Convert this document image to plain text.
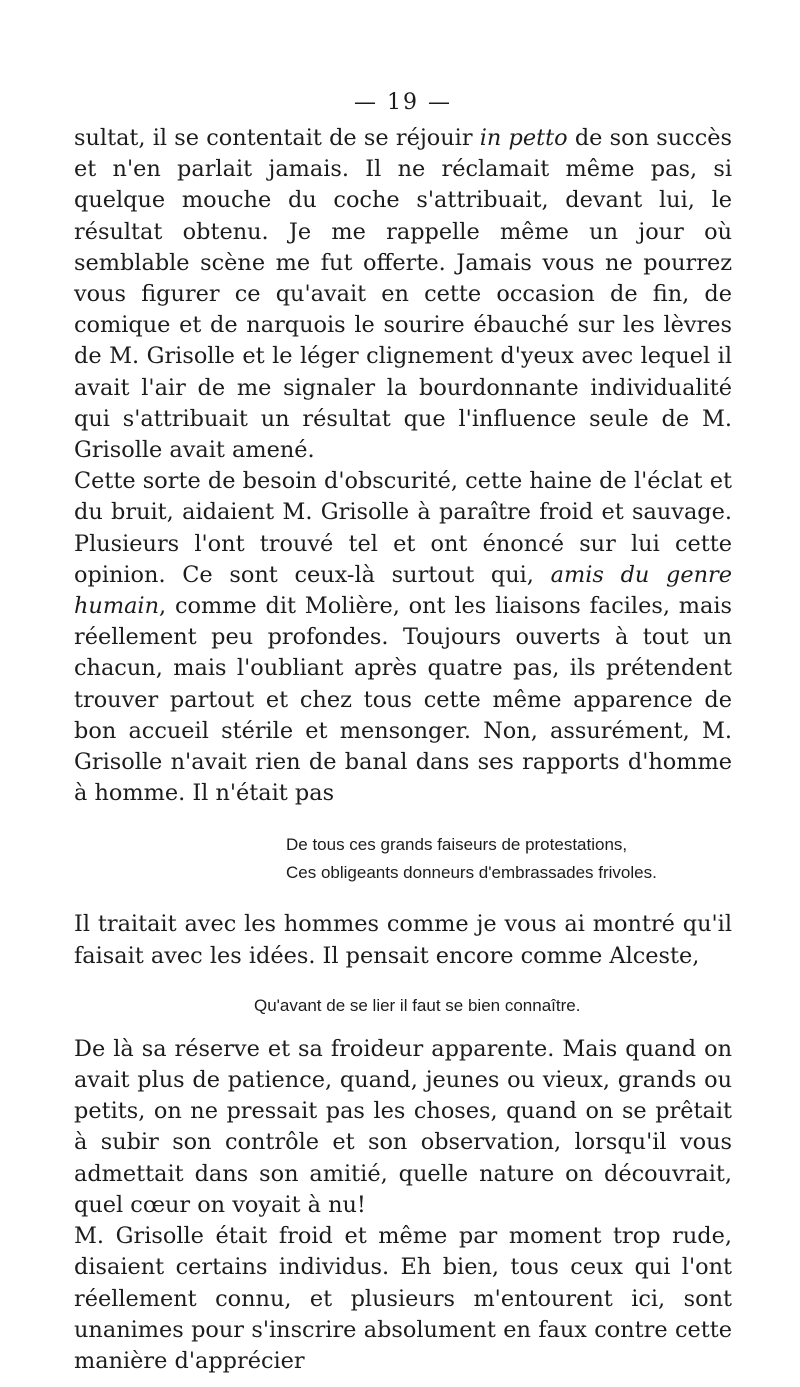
— 19 —

sultat, il se contentait de se réjouir in petto de son succès et n'en parlait jamais. Il ne réclamait même pas, si quelque mouche du coche s'attribuait, devant lui, le résultat obtenu. Je me rappelle même un jour où semblable scène me fut offerte. Jamais vous ne pourrez vous figurer ce qu'avait en cette occasion de fin, de comique et de narquois le sourire ébauché sur les lèvres de M. Grisolle et le léger clignement d'yeux avec lequel il avait l'air de me signaler la bourdonnante individualité qui s'attribuait un résultat que l'influence seule de M. Grisolle avait amené.

Cette sorte de besoin d'obscurité, cette haine de l'éclat et du bruit, aidaient M. Grisolle à paraître froid et sauvage. Plusieurs l'ont trouvé tel et ont énoncé sur lui cette opinion. Ce sont ceux-là surtout qui, amis du genre humain, comme dit Molière, ont les liaisons faciles, mais réellement peu profondes. Toujours ouverts à tout un chacun, mais l'oubliant après quatre pas, ils prétendent trouver partout et chez tous cette même apparence de bon accueil stérile et mensonger. Non, assurément, M. Grisolle n'avait rien de banal dans ses rapports d'homme à homme. Il n'était pas

De tous ces grands faiseurs de protestations,

Ces obligeants donneurs d'embrassades frivoles.

Il traitait avec les hommes comme je vous ai montré qu'il faisait avec les idées. Il pensait encore comme Alceste,

Qu'avant de se lier il faut se bien connaître.

De là sa réserve et sa froideur apparente. Mais quand on avait plus de patience, quand, jeunes ou vieux, grands ou petits, on ne pressait pas les choses, quand on se prêtait à subir son contrôle et son observation, lorsqu'il vous admettait dans son amitié, quelle nature on découvrait, quel cœur on voyait à nu!

M. Grisolle était froid et même par moment trop rude, disaient certains individus. Eh bien, tous ceux qui l'ont réellement connu, et plusieurs m'entourent ici, sont unanimes pour s'inscrire absolument en faux contre cette manière d'apprécier
